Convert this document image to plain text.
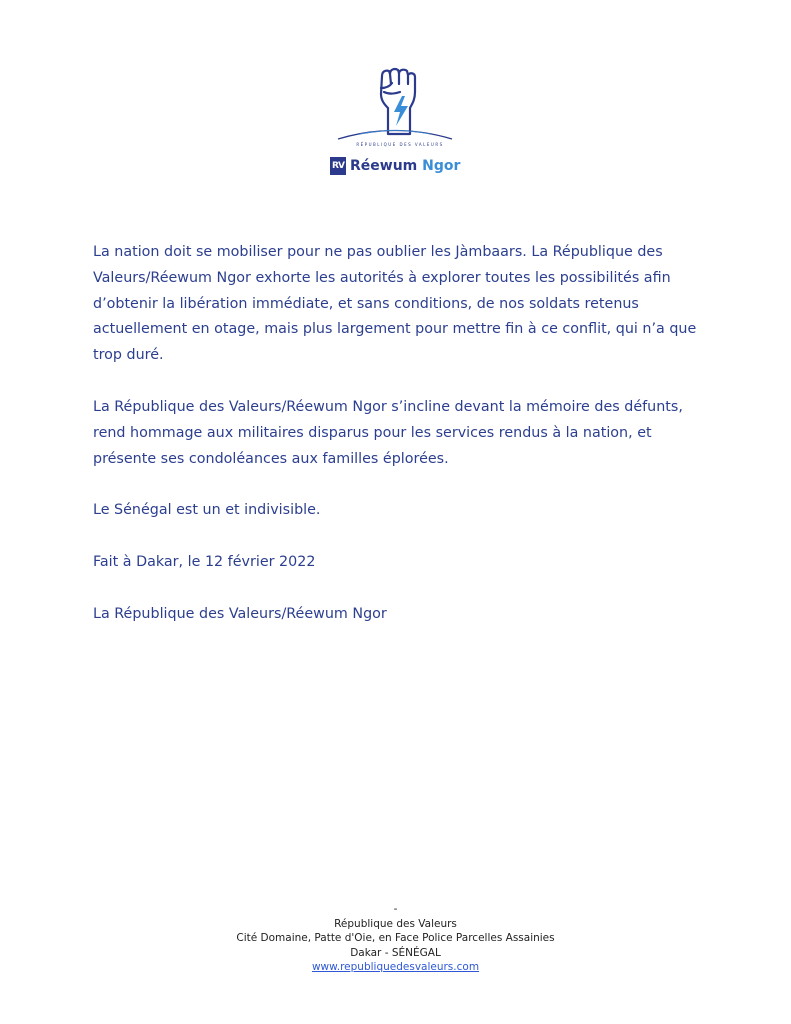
RÉPUBLIQUE DES VALEURS
RV Réewum Ngor

La nation doit se mobiliser pour ne pas oublier les Jàmbaars. La République des Valeurs/Réewum Ngor exhorte les autorités à explorer toutes les possibilités afin d’obtenir la libération immédiate, et sans conditions, de nos soldats retenus actuellement en otage, mais plus largement pour mettre fin à ce conflit, qui n’a que trop duré.

La République des Valeurs/Réewum Ngor s’incline devant la mémoire des défunts, rend hommage aux militaires disparus pour les services rendus à la nation, et présente ses condoléances aux familles éplorées.

Le Sénégal est un et indivisible.

Fait à Dakar, le 12 février 2022

La République des Valeurs/Réewum Ngor

-
République des Valeurs
Cité Domaine, Patte d'Oie, en Face Police Parcelles Assainies
Dakar - SÉNÉGAL
www.republiquedesvaleurs.com
